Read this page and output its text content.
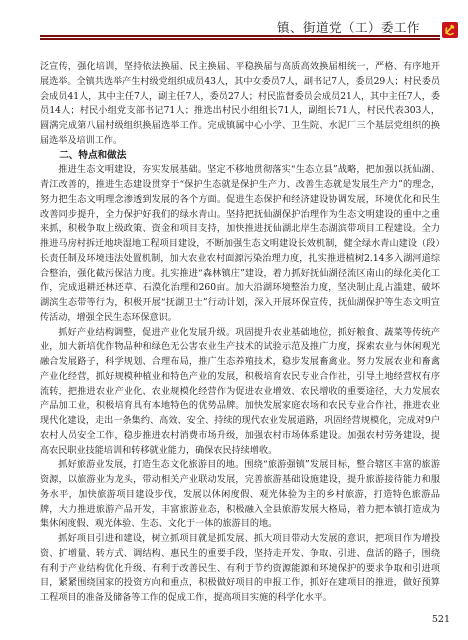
镇、街道党（工）委工作

泛宣传，强化培训，坚持依法换届、民主换届、平稳换届与高质高效换届相统一，严格、有序地开展选举。全镇共选举产生村级党组织成员43人，其中女委员7人，副书记7人，委员29人；村民委员会成员41人，其中主任7人，副主任7人，委员27人；村民监督委员会成员21人，其中主任7人，委员14人；村民小组党支部书记71人；推选出村民小组组长71人，副组长71人，村民代表303人，圆满完成第八届村级组织换届选举工作。完成镇属中心小学、卫生院、水泥厂三个基层党组织的换届选举及培训工作。

二、特点和做法

推进生态文明建设，夯实发展基础。坚定不移地贯彻落实“生态立县”战略，把加强以抚仙湖、青江改善的，推进生态建设贯穿于“保护生态就是保护生产力、改善生态就是发展生产力”的理念，努力把生态文明理念渗透到发展的各个方面。促进生态保护和经济建设协调发展，环境优化和民生改善同步提升，全力保护好我们的绿水青山。坚持把抚仙湖保护治理作为生态文明建设的重中之重来抓，积极争取上级政策、资金和项目支持，加快推进抚仙湖北岸生态湖滨带项目工程建设。全力推进马房村拆迁地块湿地工程项目建设，不断加强生态文明建设长效机制，健全绿水青山建设（段）长责任制及环境违法处置机制，加大农业农村面源污染治理力度，扎实推进植树2.14多入湖河道综合整治，强化截污保洁力度。扎实推进“森林镇庄”建设，着力抓好抚仙湖径流区南山的绿化美化工作，完成退耕还林还草、石漠化治理和260亩。加大沿湖环境整治力度，坚决制止乱占滥建、破坏湖滨生态带等行为，积极开展“抚湖卫士”行动计划，深入开展环保宣传，抚仙湖保护等生态文明宣传活动，增强全民生态环保意识。

抓好产业结构调整，促进产业化发展升级。巩固提升农业基础地位，抓好粮食、蔬菜等传统产业，加大新培优作物品种和绿色无公害农业生产技术的试验示范及推广力度，探索农业与休闲观光融合发展路子，科学规划、合理布局，推广生态养殖技术，稳步发展畜禽业。努力发展农业和畜禽产业化经营，抓好规模种植业和特色产业的发展，积极培育农民专业合作社，引导土地经营权有序流转，把推进农业产业化、农业规模化经营作为促进农业增效、农民增收的重要途径，大力发展农产品加工业，积极培育具有本地特色的优势品牌。加快发展家庭农场和农民专业合作社，推进农业现代化建设，走出一条集约、高效、安全、持续的现代农业发展道路，巩固经营规模化，完成对9户农村人员安全工作，稳步推进农村消费市场升级，加强农村市场体系建设。加强农村劳务建设，提高农民职业技能培训和转移就业能力，确保农民持续增收。

抓好旅游业发展，打造生态文化旅游目的地。围绕“旅游强镇”发展目标，整合辖区丰富的旅游资源，以旅游业为龙头，带动相关产业联动发展，完善旅游基础设施建设，提升旅游接待能力和服务水平，加快旅游项目建设步伐，发展以休闲度假、观光体验为主的乡村旅游，打造特色旅游品牌，大力推进旅游产品开发，丰富旅游业态，积极融入全县旅游发展大格局，着力把本镇打造成为集休闲度假、观光体验、生态、文化于一体的旅游目的地。

抓好项目引进和建设，树立抓项目就是抓发展、抓大项目带动大发展的意识，把项目作为增投资、扩增量、转方式、调结构、惠民生的重要手段，坚持走开发、争取、引进、盘活的路子，围绕有利于产业结构优化升级、有利于改善民生、有利于节约资源能源和环境保护的要求争取和引进项目，紧紧围绕国家的投资方向和重点，积极做好项目的申报工作，抓好在建项目的推进，做好预算工程项目的准备及储备等工作的促成工作，提高项目实施的科学化水平。

521
